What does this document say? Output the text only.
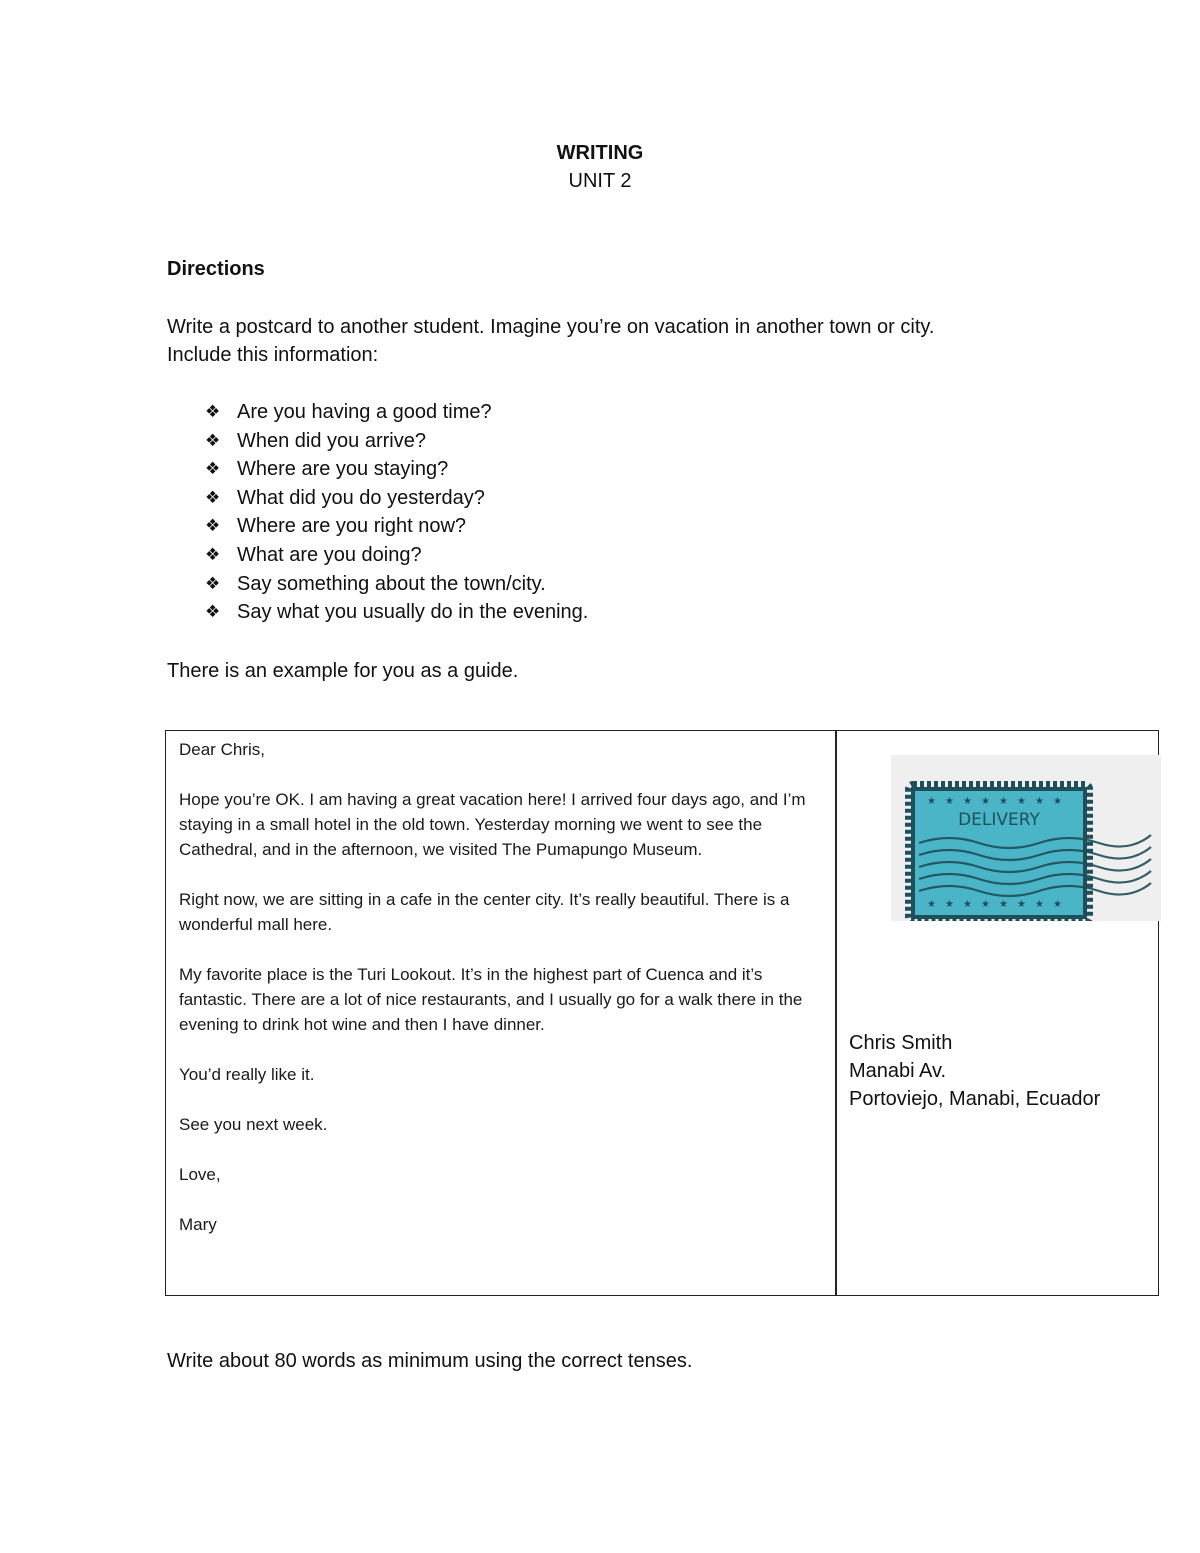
WRITING
UNIT 2
Directions
Write a postcard to another student. Imagine you’re on vacation in another town or city.
Include this information:
❖ Are you having a good time?
❖ When did you arrive?
❖ Where are you staying?
❖ What did you do yesterday?
❖ Where are you right now?
❖ What are you doing?
❖ Say something about the town/city.
❖ Say what you usually do in the evening.
There is an example for you as a guide.

Dear Chris,

Hope you’re OK. I am having a great vacation here! I arrived four days ago, and I’m staying in a small hotel in the old town. Yesterday morning we went to see the Cathedral, and in the afternoon, we visited The Pumapungo Museum.

Right now, we are sitting in a cafe in the center city. It’s really beautiful. There is a wonderful mall here.

My favorite place is the Turi Lookout. It’s in the highest part of Cuenca and it’s fantastic. There are a lot of nice restaurants, and I usually go for a walk there in the evening to drink hot wine and then I have dinner.

You’d really like it.

See you next week.

Love,

Mary

★ ★ ★ ★ ★ ★ ★ ★
★ ★ ★ ★ ★ ★ ★ ★
DELIVERY
Chris Smith
Manabi Av.
Portoviejo, Manabi, Ecuador
Write about 80 words as minimum using the correct tenses.
